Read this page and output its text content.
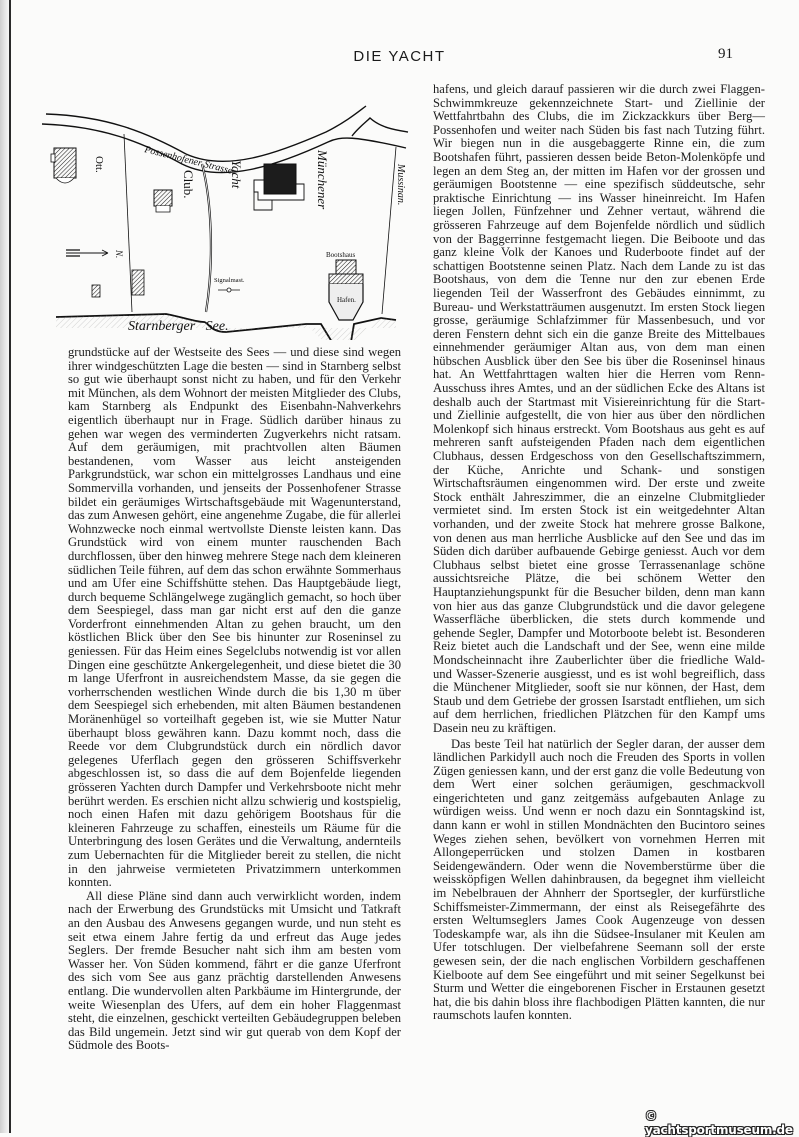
DIE YACHT	91
Possenhofener Strasse.
Ott.
N.
Club.	Yacht	Münchener	Mussinan.
Bootshaus
Hafen.
Signalmast.
Starnberger   See.

grundstücke auf der Westseite des Sees — und diese sind wegen ihrer windgeschützten Lage die besten — sind in Starnberg selbst so gut wie überhaupt sonst nicht zu haben, und für den Verkehr mit München, als dem Wohnort der meisten Mitglieder des Clubs, kam Starnberg als Endpunkt des Eisenbahn-Nahverkehrs eigentlich überhaupt nur in Frage. Südlich darüber hinaus zu gehen war wegen des verminderten Zugverkehrs nicht ratsam. Auf dem geräumigen, mit prachtvollen alten Bäumen bestandenen, vom Wasser aus leicht ansteigenden Parkgrundstück, war schon ein mittelgrosses Landhaus und eine Sommervilla vorhanden, und jenseits der Possenhofener Strasse bildet ein geräumiges Wirtschaftsgebäude mit Wagenunterstand, das zum Anwesen gehört, eine angenehme Zugabe, die für allerlei Wohnzwecke noch einmal wertvollste Dienste leisten kann. Das Grundstück wird von einem munter rauschenden Bach durchflossen, über den hinweg mehrere Stege nach dem kleineren südlichen Teile führen, auf dem das schon erwähnte Sommerhaus und am Ufer eine Schiffshütte stehen. Das Hauptgebäude liegt, durch bequeme Schlängelwege zugänglich gemacht, so hoch über dem Seespiegel, dass man gar nicht erst auf den die ganze Vorderfront einnehmenden Altan zu gehen braucht, um den köstlichen Blick über den See bis hinunter zur Roseninsel zu geniessen. Für das Heim eines Segelclubs notwendig ist vor allen Dingen eine geschützte Ankergelegenheit, und diese bietet die 30 m lange Uferfront in ausreichendstem Masse, da sie gegen die vorherrschenden westlichen Winde durch die bis 1,30 m über dem Seespiegel sich erhebenden, mit alten Bäumen bestandenen Moränenhügel so vorteilhaft gegeben ist, wie sie Mutter Natur überhaupt bloss gewähren kann. Dazu kommt noch, dass die Reede vor dem Clubgrundstück durch ein nördlich davor gelegenes Uferflach gegen den grösseren Schiffsverkehr abgeschlossen ist, so dass die auf dem Bojenfelde liegenden grösseren Yachten durch Dampfer und Verkehrsboote nicht mehr berührt werden. Es erschien nicht allzu schwierig und kostspielig, noch einen Hafen mit dazu gehörigem Bootshaus für die kleineren Fahrzeuge zu schaffen, einesteils um Räume für die Unterbringung des losen Gerätes und die Verwaltung, andernteils zum Uebernachten für die Mitglieder bereit zu stellen, die nicht in den jahrweise vermieteten Privatzimmern unterkommen konnten.

All diese Pläne sind dann auch verwirklicht worden, indem nach der Erwerbung des Grundstücks mit Umsicht und Tatkraft an den Ausbau des Anwesens gegangen wurde, und nun steht es seit etwa einem Jahre fertig da und erfreut das Auge jedes Seglers. Der fremde Besucher naht sich ihm am besten vom Wasser her. Von Süden kommend, fährt er die ganze Uferfront des sich vom See aus ganz prächtig darstellenden Anwesens entlang. Die wundervollen alten Parkbäume im Hintergrunde, der weite Wiesenplan des Ufers, auf dem ein hoher Flaggenmast steht, die einzelnen, geschickt verteilten Gebäudegruppen beleben das Bild ungemein. Jetzt sind wir gut querab von dem Kopf der Südmole des Boots-

hafens, und gleich darauf passieren wir die durch zwei Flaggen-Schwimmkreuze gekennzeichnete Start- und Ziellinie der Wettfahrtbahn des Clubs, die im Zickzackkurs über Berg—Possenhofen und weiter nach Süden bis fast nach Tutzing führt. Wir biegen nun in die ausgebaggerte Rinne ein, die zum Bootshafen führt, passieren dessen beide Beton-Molenköpfe und legen an dem Steg an, der mitten im Hafen vor der grossen und geräumigen Bootstenne — eine spezifisch süddeutsche, sehr praktische Einrichtung — ins Wasser hineinreicht. Im Hafen liegen Jollen, Fünfzehner und Zehner vertaut, während die grösseren Fahrzeuge auf dem Bojenfelde nördlich und südlich von der Baggerrinne festgemacht liegen. Die Beiboote und das ganz kleine Volk der Kanoes und Ruderboote findet auf der schattigen Bootstenne seinen Platz. Nach dem Lande zu ist das Bootshaus, von dem die Tenne nur den zur ebenen Erde liegenden Teil der Wasserfront des Gebäudes einnimmt, zu Bureau- und Werkstatträumen ausgenutzt. Im ersten Stock liegen grosse, geräumige Schlafzimmer für Massenbesuch, und vor deren Fenstern dehnt sich ein die ganze Breite des Mittelbaues einnehmender geräumiger Altan aus, von dem man einen hübschen Ausblick über den See bis über die Roseninsel hinaus hat. An Wettfahrttagen walten hier die Herren vom Renn-Ausschuss ihres Amtes, und an der südlichen Ecke des Altans ist deshalb auch der Startmast mit Visiereinrichtung für die Start- und Ziellinie aufgestellt, die von hier aus über den nördlichen Molenkopf sich hinaus erstreckt. Vom Bootshaus aus geht es auf mehreren sanft aufsteigenden Pfaden nach dem eigentlichen Clubhaus, dessen Erdgeschoss von den Gesellschaftszimmern, der Küche, Anrichte und Schank- und sonstigen Wirtschaftsräumen eingenommen wird. Der erste und zweite Stock enthält Jahreszimmer, die an einzelne Clubmitglieder vermietet sind. Im ersten Stock ist ein weitgedehnter Altan vorhanden, und der zweite Stock hat mehrere grosse Balkone, von denen aus man herrliche Ausblicke auf den See und das im Süden dich darüber aufbauende Gebirge geniesst. Auch vor dem Clubhaus selbst bietet eine grosse Terrassenanlage schöne aussichtsreiche Plätze, die bei schönem Wetter den Hauptanziehungspunkt für die Besucher bilden, denn man kann von hier aus das ganze Clubgrundstück und die davor gelegene Wasserfläche überblicken, die stets durch kommende und gehende Segler, Dampfer und Motorboote belebt ist. Besonderen Reiz bietet auch die Landschaft und der See, wenn eine milde Mondscheinnacht ihre Zauberlichter über die friedliche Wald- und Wasser-Szenerie ausgiesst, und es ist wohl begreiflich, dass die Münchener Mitglieder, sooft sie nur können, der Hast, dem Staub und dem Getriebe der grossen Isarstadt entfliehen, um sich auf dem herrlichen, friedlichen Plätzchen für den Kampf ums Dasein neu zu kräftigen.

Das beste Teil hat natürlich der Segler daran, der ausser dem ländlichen Parkidyll auch noch die Freuden des Sports in vollen Zügen geniessen kann, und der erst ganz die volle Bedeutung von dem Wert einer solchen geräumigen, geschmackvoll eingerichteten und ganz zeitgemäss aufgebauten Anlage zu würdigen weiss. Und wenn er noch dazu ein Sonntagskind ist, dann kann er wohl in stillen Mondnächten den Bucintoro seines Weges ziehen sehen, bevölkert von vornehmen Herren mit Allongeperrücken und stolzen Damen in kostbaren Seidengewändern. Oder wenn die Novemberstürme über die weissköpfigen Wellen dahinbrausen, da begegnet ihm vielleicht im Nebelbrauen der Ahnherr der Sportsegler, der kurfürstliche Schiffsmeister-Zimmermann, der einst als Reisegefährte des ersten Weltumseglers James Cook Augenzeuge von dessen Todeskampfe war, als ihn die Südsee-Insulaner mit Keulen am Ufer totschlugen. Der vielbefahrene Seemann soll der erste gewesen sein, der die nach englischen Vorbildern geschaffenen Kielboote auf dem See eingeführt und mit seiner Segelkunst bei Sturm und Wetter die eingeborenen Fischer in Erstaunen gesetzt hat, die bis dahin bloss ihre flachbodigen Plätten kannten, die nur raumschots laufen konnten.

© yachtsportmuseum.de
